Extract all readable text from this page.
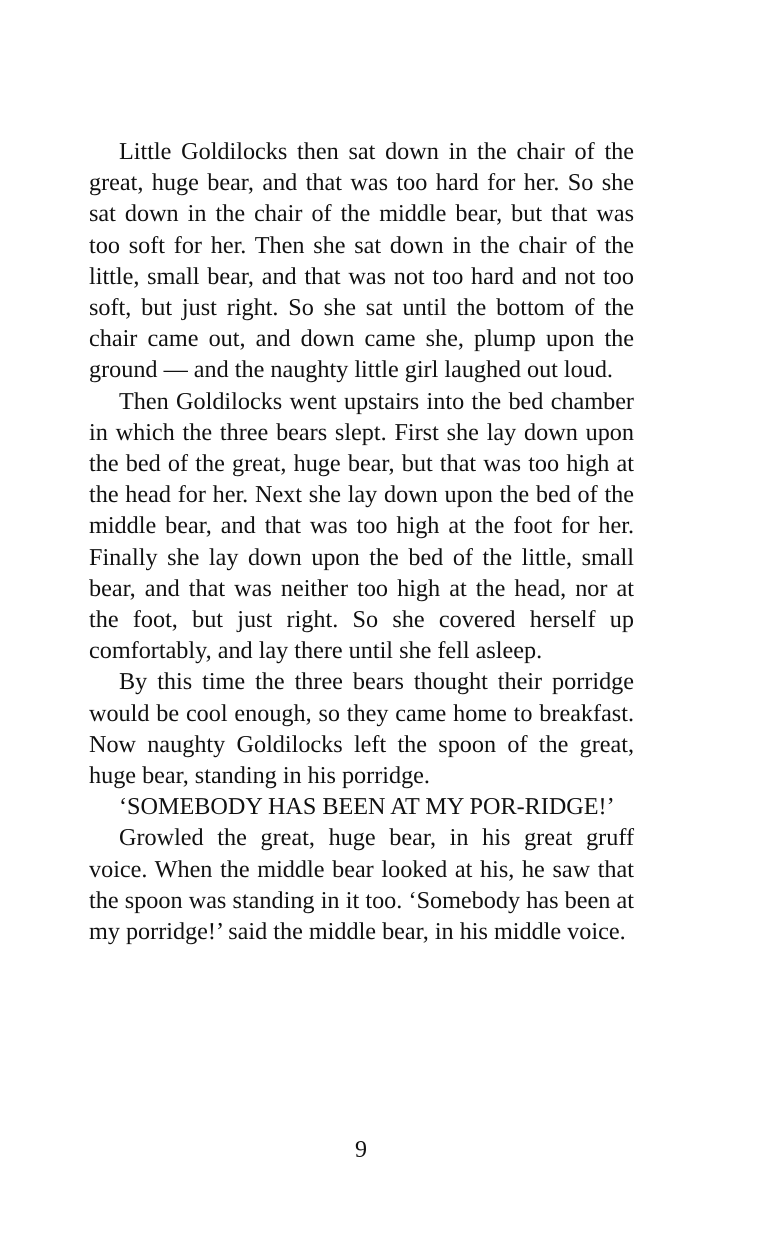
Little Goldilocks then sat down in the chair of the great, huge bear, and that was too hard for her. So she sat down in the chair of the middle bear, but that was too soft for her. Then she sat down in the chair of the little, small bear, and that was not too hard and not too soft, but just right. So she sat until the bottom of the chair came out, and down came she, plump upon the ground — and the naughty little girl laughed out loud.

Then Goldilocks went upstairs into the bed chamber in which the three bears slept. First she lay down upon the bed of the great, huge bear, but that was too high at the head for her. Next she lay down upon the bed of the middle bear, and that was too high at the foot for her. Finally she lay down upon the bed of the little, small bear, and that was neither too high at the head, nor at the foot, but just right. So she covered herself up comfortably, and lay there until she fell asleep.

By this time the three bears thought their porridge would be cool enough, so they came home to breakfast. Now naughty Goldilocks left the spoon of the great, huge bear, standing in his porridge.

‘SOMEBODY HAS BEEN AT MY POR-RIDGE!’

Growled the great, huge bear, in his great gruff voice. When the middle bear looked at his, he saw that the spoon was standing in it too. ‘Somebody has been at my porridge!’ said the middle bear, in his middle voice.

9
